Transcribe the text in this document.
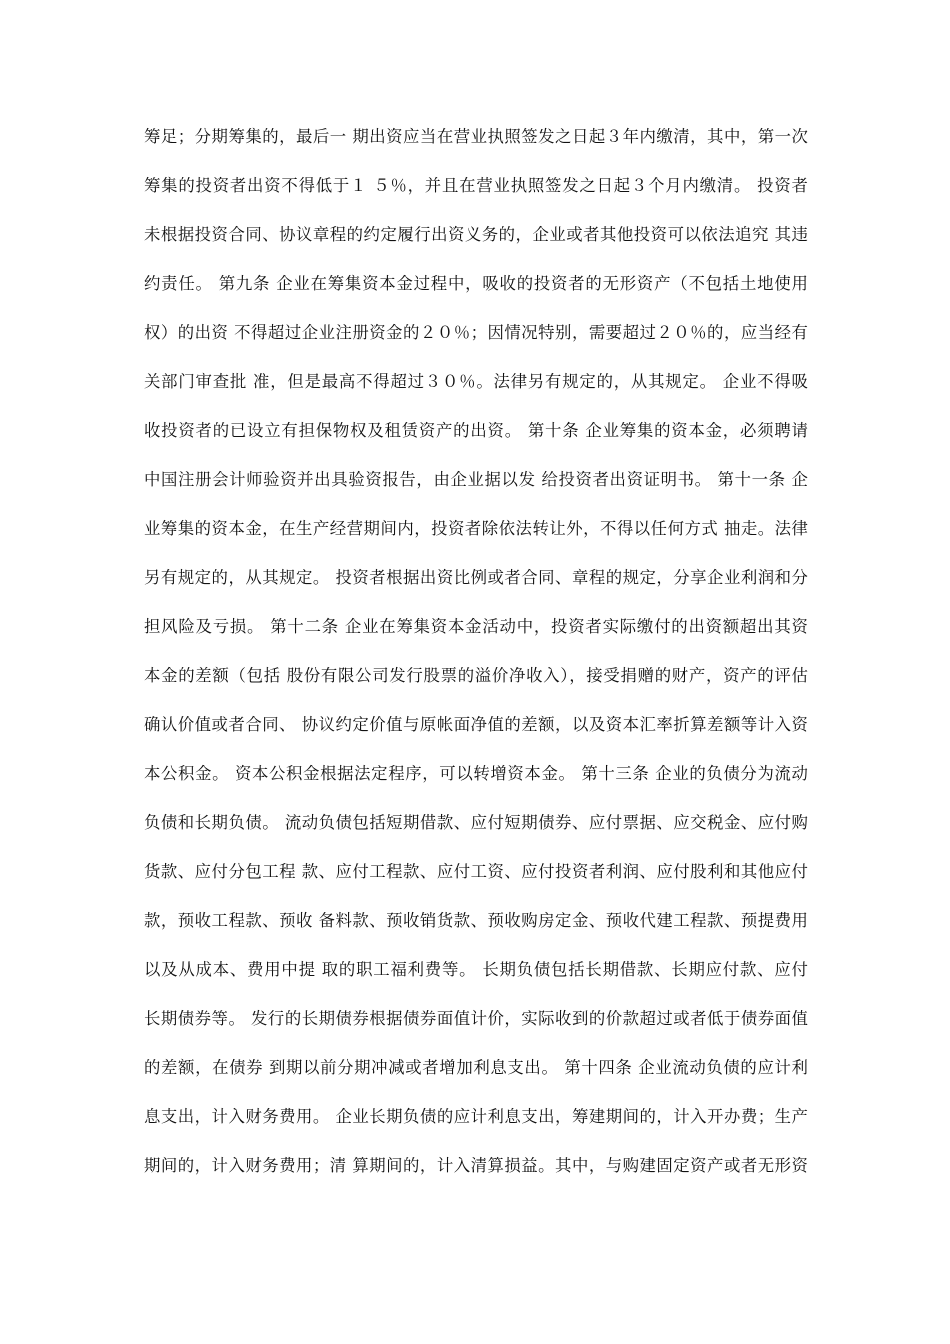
筹足；分期筹集的，最后一 期出资应当在营业执照签发之日起３年内缴清，其中，第一次
筹集的投资者出资不得低于１ ５％，并且在营业执照签发之日起３个月内缴清。 投资者
未根据投资合同、协议章程的约定履行出资义务的，企业或者其他投资可以依法追究 其违
约责任。 第九条 企业在筹集资本金过程中，吸收的投资者的无形资产（不包括土地使用
权）的出资 不得超过企业注册资金的２０％；因情况特别，需要超过２０％的，应当经有
关部门审查批 准，但是最高不得超过３０％。法律另有规定的，从其规定。 企业不得吸
收投资者的已设立有担保物权及租赁资产的出资。 第十条 企业筹集的资本金，必须聘请
中国注册会计师验资并出具验资报告，由企业据以发 给投资者出资证明书。 第十一条 企
业筹集的资本金，在生产经营期间内，投资者除依法转让外，不得以任何方式 抽走。法律
另有规定的，从其规定。 投资者根据出资比例或者合同、章程的规定，分享企业利润和分
担风险及亏损。 第十二条 企业在筹集资本金活动中，投资者实际缴付的出资额超出其资
本金的差额（包括 股份有限公司发行股票的溢价净收入），接受捐赠的财产，资产的评估
确认价值或者合同、 协议约定价值与原帐面净值的差额，以及资本汇率折算差额等计入资
本公积金。 资本公积金根据法定程序，可以转增资本金。 第十三条 企业的负债分为流动
负债和长期负债。 流动负债包括短期借款、应付短期债券、应付票据、应交税金、应付购
货款、应付分包工程 款、应付工程款、应付工资、应付投资者利润、应付股利和其他应付
款，预收工程款、预收 备料款、预收销货款、预收购房定金、预收代建工程款、预提费用
以及从成本、费用中提 取的职工福利费等。 长期负债包括长期借款、长期应付款、应付
长期债券等。 发行的长期债券根据债券面值计价，实际收到的价款超过或者低于债券面值
的差额，在债券 到期以前分期冲减或者增加利息支出。 第十四条 企业流动负债的应计利
息支出，计入财务费用。 企业长期负债的应计利息支出，筹建期间的，计入开办费；生产
期间的，计入财务费用；清 算期间的，计入清算损益。其中，与购建固定资产或者无形资
